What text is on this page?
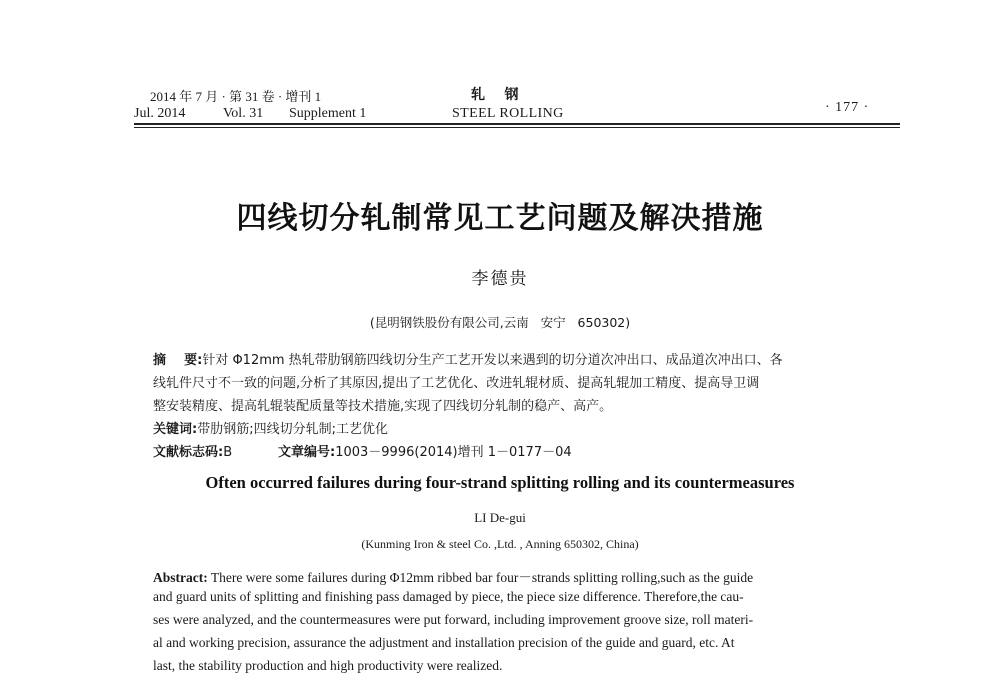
2014 年 7 月 · 第 31 卷 · 增刊 1
Jul. 2014	Vol. 31 Supplement 1
轧    钢
STEEL ROLLING	· 177 ·
四线切分轧制常见工艺问题及解决措施
李德贵
(昆明钢铁股份有限公司,云南   安宁   650302)
摘    要:针对 Φ12mm 热轧带肋钢筋四线切分生产工艺开发以来遇到的切分道次冲出口、成品道次冲出口、各
线轧件尺寸不一致的问题,分析了其原因,提出了工艺优化、改进轧辊材质、提高轧辊加工精度、提高导卫调
整安装精度、提高轧辊装配质量等技术措施,实现了四线切分轧制的稳产、高产。
关键词:带肋钢筋;四线切分轧制;工艺优化
文献标志码:B	文章编号:1003－9996(2014)增刊 1－0177－04
Often occurred failures during four-strand splitting rolling and its countermeasures
LI De-gui
(Kunming Iron & steel Co. ,Ltd. , Anning 650302, China)
Abstract: There were some failures during Φ12mm ribbed bar four－strands splitting rolling,such as the guide
and guard units of splitting and finishing pass damaged by piece, the piece size difference. Therefore,the cau-
ses were analyzed, and the countermeasures were put forward, including improvement groove size, roll materi-
al and working precision, assurance the adjustment and installation precision of the guide and guard, etc. At
last, the stability production and high productivity were realized.
